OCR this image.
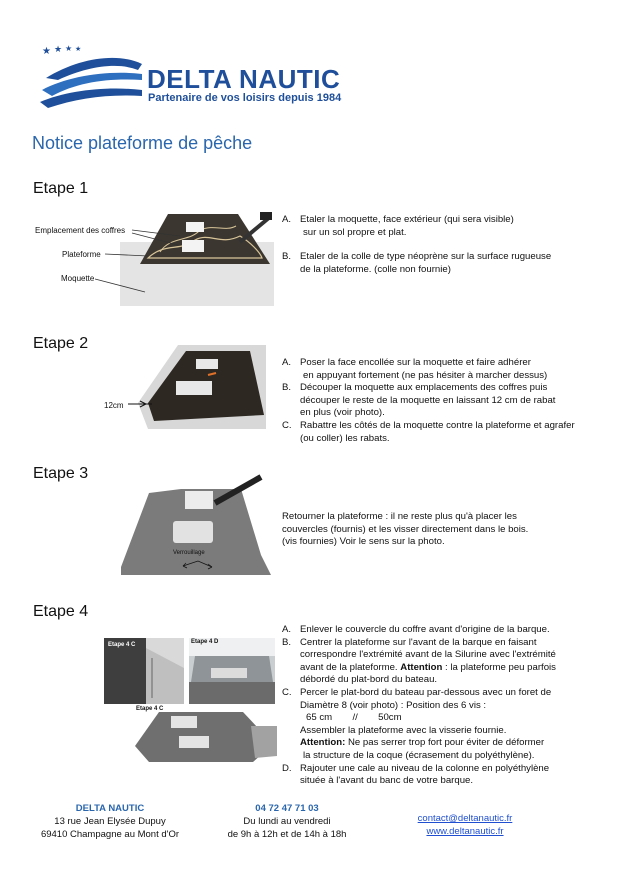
★ ★ ★ ★
DELTA NAUTIC
Partenaire de vos loisirs depuis 1984
Notice plateforme de pêche
Etape 1
Emplacement des coffres
Plateforme
Moquette
A. Etaler la moquette, face extérieur (qui sera visible)
sur un sol propre et plat.
B. Etaler de la colle de type néoprène sur la surface rugueuse
de la plateforme. (colle non fournie)
Etape 2
12cm
A. Poser la face encollée sur la moquette et faire adhérer
en appuyant fortement (ne pas hésiter à marcher dessus)
B. Découper la moquette aux emplacements des coffres puis
découper le reste de la moquette en laissant 12 cm de rabat
en plus (voir photo).
C. Rabattre les côtés de la moquette contre la plateforme et agrafer
(ou coller) les rabats.
Etape 3
Verrouillage
Retourner la plateforme : il ne reste plus qu'à placer les
couvercles (fournis) et les visser directement dans le bois.
(vis fournies) Voir le sens sur la photo.
Etape 4
Etape 4 C	Etape 4 D
Etape 4 C
A. Enlever le couvercle du coffre avant d'origine de la barque.
B. Centrer la plateforme sur l'avant de la barque en faisant
correspondre l'extrémité avant de la Silurine avec l'extrémité
avant de la plateforme. Attention : la plateforme peu parfois
débordé du plat-bord du bateau.
C. Percer le plat-bord du bateau par-dessous avec un foret de
Diamètre 8 (voir photo) : Position des 6 vis :
65 cm // 50cm
Assembler la plateforme avec la visserie fournie.
Attention: Ne pas serrer trop fort pour éviter de déformer
la structure de la coque (écrasement du polyéthylène).
D. Rajouter une cale au niveau de la colonne en polyéthylène
située à l'avant du banc de votre barque.
DELTA NAUTIC
13 rue Jean Elysée Dupuy
69410 Champagne au Mont d'Or
04 72 47 71 03
Du lundi au vendredi
de 9h à 12h et de 14h à 18h
contact@deltanautic.fr
www.deltanautic.fr
